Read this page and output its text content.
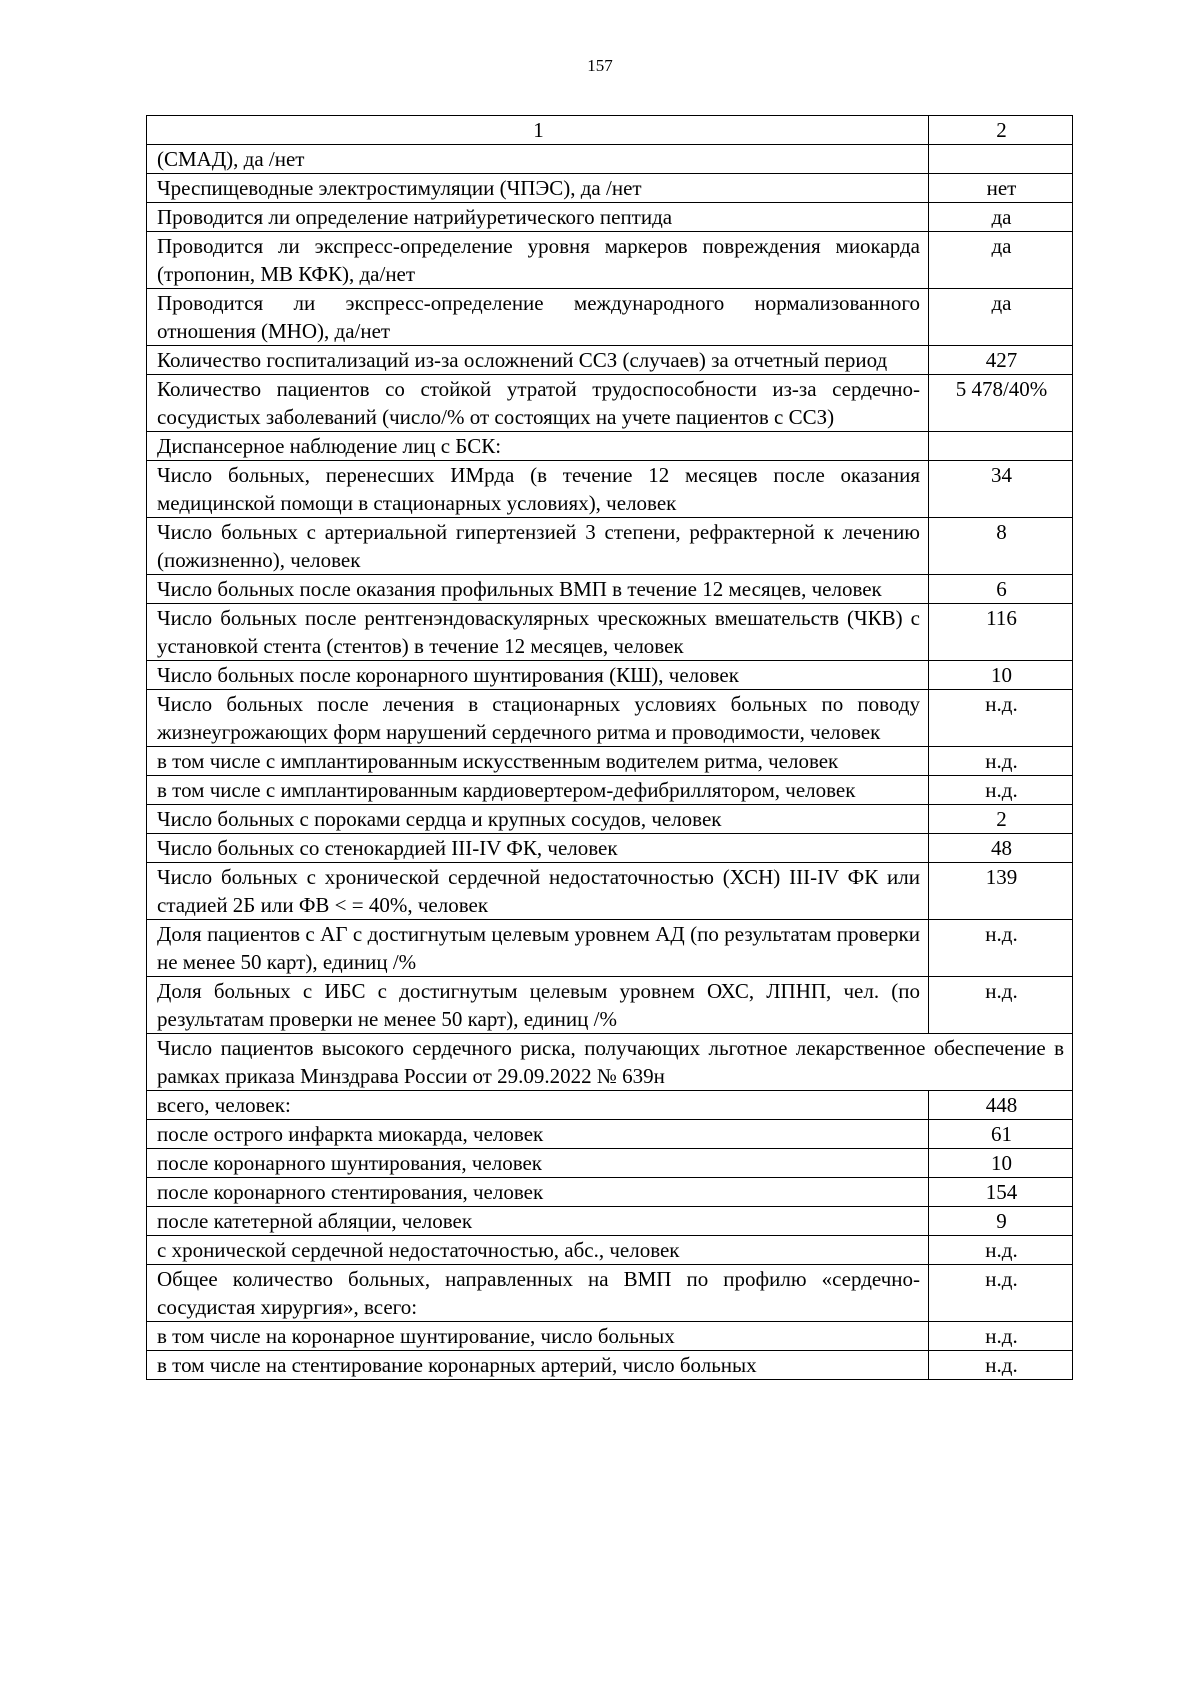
157
1	2
(СМАД), да /нет	
Чреспищеводные электростимуляции (ЧПЭС), да /нет	нет
Проводится ли определение натрийуретического пептида	да
Проводится ли экспресс-определение уровня маркеров повреждения миокарда (тропонин, МВ КФК), да/нет	да
Проводится ли экспресс-определение международного нормализованного отношения (МНО), да/нет	да
Количество госпитализаций из-за осложнений ССЗ (случаев) за отчетный период	427
Количество пациентов со стойкой утратой трудоспособности из-за сердечно-сосудистых заболеваний (число/% от состоящих на учете пациентов с ССЗ)	5 478/40%
Диспансерное наблюдение лиц с БСК:	
Число больных, перенесших ИМрда (в течение 12 месяцев после оказания медицинской помощи в стационарных условиях), человек	34
Число больных с артериальной гипертензией 3 степени, рефрактерной к лечению (пожизненно), человек	8
Число больных после оказания профильных ВМП в течение 12 месяцев, человек	6
Число больных после рентгенэндоваскулярных чрескожных вмешательств (ЧКВ) с установкой стента (стентов) в течение 12 месяцев, человек	116
Число больных после коронарного шунтирования (КШ), человек	10
Число больных после лечения в стационарных условиях больных по поводу жизнеугрожающих форм нарушений сердечного ритма и проводимости, человек	н.д.
в том числе с имплантированным искусственным водителем ритма, человек	н.д.
в том числе с имплантированным кардиовертером-дефибриллятором, человек	н.д.
Число больных с пороками сердца и крупных сосудов, человек	2
Число больных со стенокардией III-IV ФК, человек	48
Число больных с хронической сердечной недостаточностью (ХСН) III-IV ФК или стадией 2Б или ФВ < = 40%, человек	139
Доля пациентов с АГ с достигнутым целевым уровнем АД (по результатам проверки не менее 50 карт), единиц /%	н.д.
Доля больных с ИБС с достигнутым целевым уровнем ОХС, ЛПНП, чел. (по результатам проверки не менее 50 карт), единиц /%	н.д.
Число пациентов высокого сердечного риска, получающих льготное лекарственное обеспечение в рамках приказа Минздрава России от 29.09.2022 № 639н	
всего, человек:	448
после острого инфаркта миокарда, человек	61
после коронарного шунтирования, человек	10
после коронарного стентирования, человек	154
после катетерной абляции, человек	9
с хронической сердечной недостаточностью, абс., человек	н.д.
Общее количество больных, направленных на ВМП по профилю «сердечно-сосудистая хирургия», всего:	н.д.
в том числе на коронарное шунтирование, число больных	н.д.
в том числе на стентирование коронарных артерий, число больных	н.д.
